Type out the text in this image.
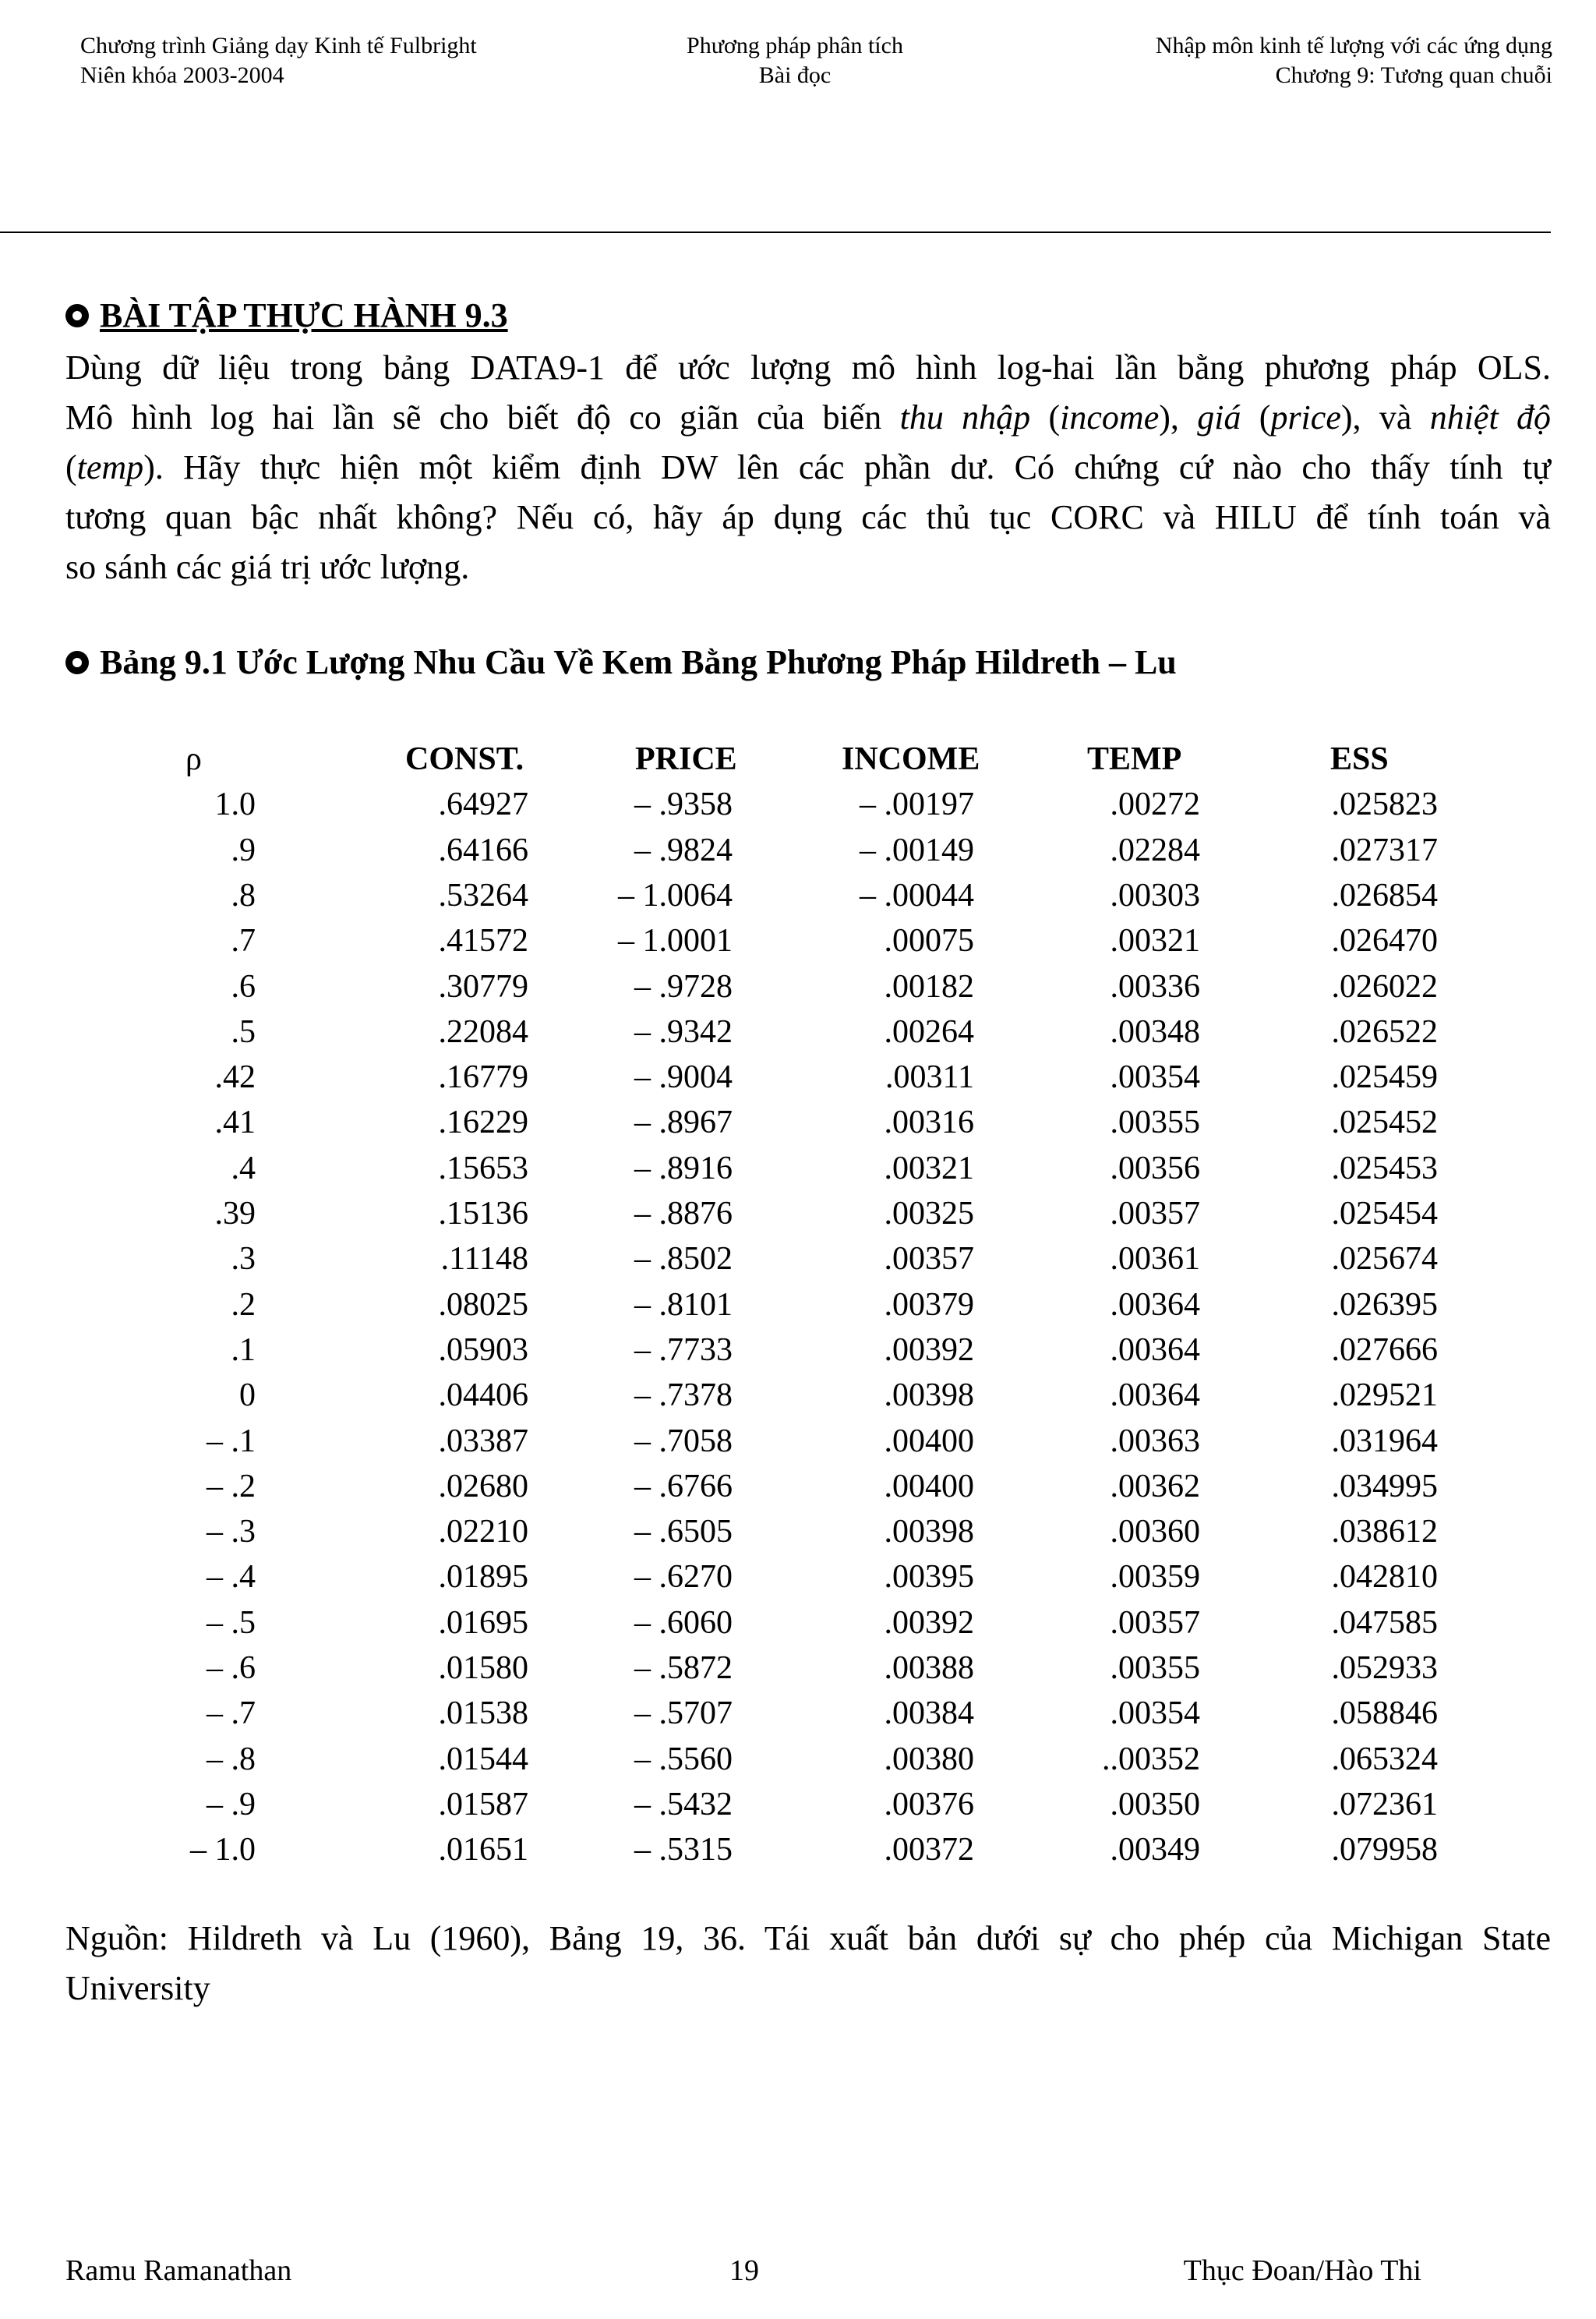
Chương trình Giảng dạy Kinh tế Fulbright
Niên khóa 2003-2004
Phương pháp phân tích
Bài đọc
Nhập môn kinh tế lượng với các ứng dụng
Chương 9: Tương quan chuỗi
BÀI TẬP THỰC HÀNH 9.3
Dùng dữ liệu trong bảng DATA9-1 để ước lượng mô hình log-hai lần bằng phương pháp OLS.
Mô hình log hai lần sẽ cho biết độ co giãn của biến thu nhập (income), giá (price), và nhiệt độ
(temp). Hãy thực hiện một kiểm định DW lên các phần dư. Có chứng cứ nào cho thấy tính tự
tương quan bậc nhất không? Nếu có, hãy áp dụng các thủ tục CORC và HILU để tính toán và
so sánh các giá trị ước lượng.
Bảng 9.1 Ước Lượng Nhu Cầu Về Kem Bằng Phương Pháp Hildreth – Lu
ρ	CONST.	PRICE	INCOME	TEMP	ESS
1.0	.64927	– .9358	– .00197	.00272	.025823
.9	.64166	– .9824	– .00149	.02284	.027317
.8	.53264	– 1.0064	– .00044	.00303	.026854
.7	.41572	– 1.0001	.00075	.00321	.026470
.6	.30779	– .9728	.00182	.00336	.026022
.5	.22084	– .9342	.00264	.00348	.026522
.42	.16779	– .9004	.00311	.00354	.025459
.41	.16229	– .8967	.00316	.00355	.025452
.4	.15653	– .8916	.00321	.00356	.025453
.39	.15136	– .8876	.00325	.00357	.025454
.3	.11148	– .8502	.00357	.00361	.025674
.2	.08025	– .8101	.00379	.00364	.026395
.1	.05903	– .7733	.00392	.00364	.027666
0	.04406	– .7378	.00398	.00364	.029521
– .1	.03387	– .7058	.00400	.00363	.031964
– .2	.02680	– .6766	.00400	.00362	.034995
– .3	.02210	– .6505	.00398	.00360	.038612
– .4	.01895	– .6270	.00395	.00359	.042810
– .5	.01695	– .6060	.00392	.00357	.047585
– .6	.01580	– .5872	.00388	.00355	.052933
– .7	.01538	– .5707	.00384	.00354	.058846
– .8	.01544	– .5560	.00380	..00352	.065324
– .9	.01587	– .5432	.00376	.00350	.072361
– 1.0	.01651	– .5315	.00372	.00349	.079958
Nguồn: Hildreth và Lu (1960), Bảng 19, 36. Tái xuất bản dưới sự cho phép của Michigan State
University
Ramu Ramanathan	19	Thục Đoan/Hào Thi
